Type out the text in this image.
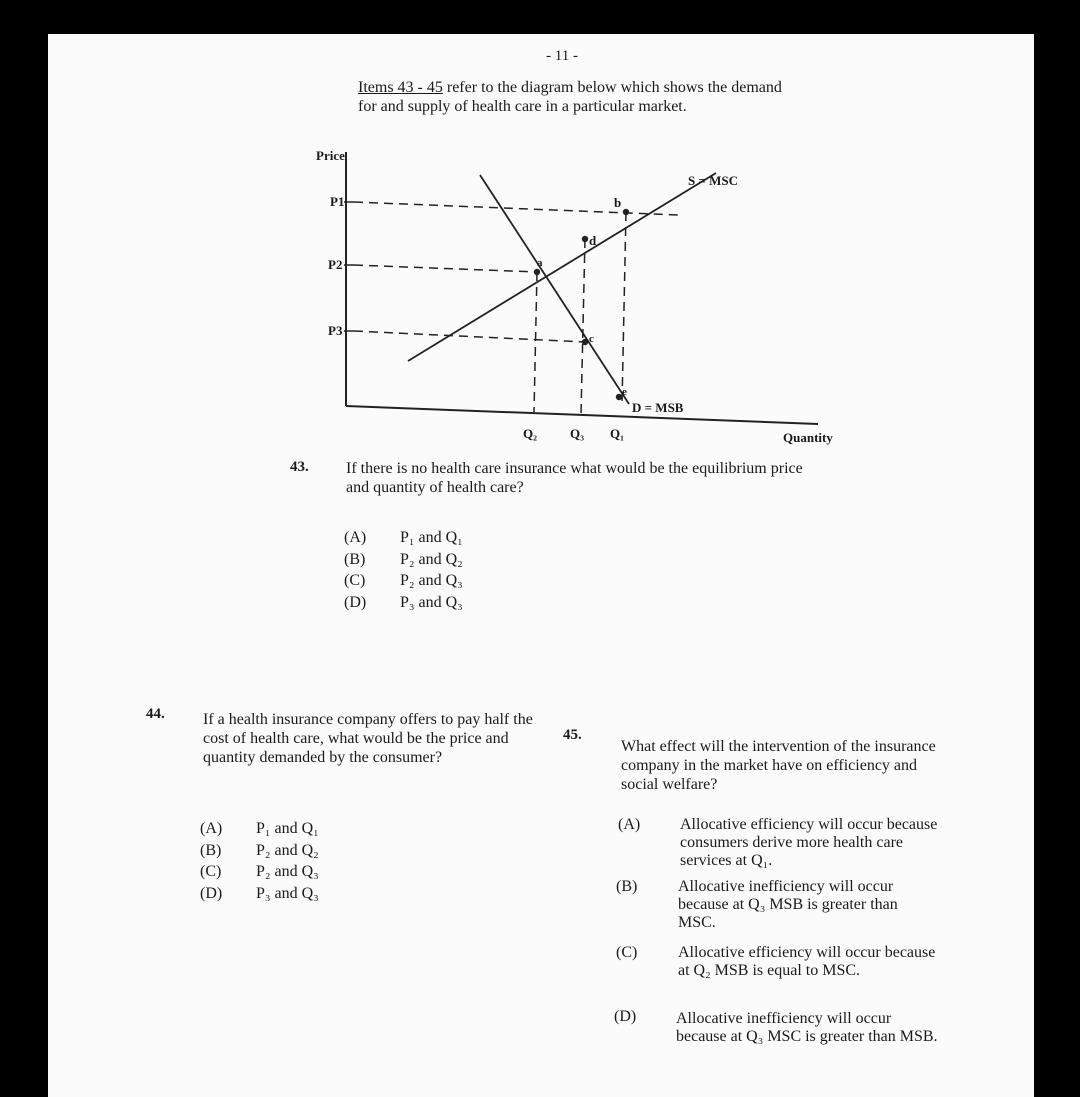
- 11 -
Items 43 - 45 refer to the diagram below which shows the demand
for and supply of health care in a particular market.
Price
Quantity
P1
P2
P3
S = MSC
D = MSB
a
b
c
d
e
Q₂	Q₃ Q₁
43. If there is no health care insurance what would be the equilibrium price and quantity of health care?
(A) P₁ and Q₁
(B) P₂ and Q₂
(C) P₂ and Q₃
(D) P₃ and Q₃
44. If a health insurance company offers to pay half the cost of health care, what would be the price and quantity demanded by the consumer?
(A) P₁ and Q₁
(B) P₂ and Q₂
(C) P₂ and Q₃
(D) P₃ and Q₃
45.
What effect will the intervention of the insurance company in the market have on efficiency and social welfare?
(A) Allocative efficiency will occur because consumers derive more health care services at Q₁.
(B)	Allocative inefficiency will occur because at Q₃ MSB is greater than MSC.
(C)	Allocative efficiency will occur because at Q₂ MSB is equal to MSC.
(D) Allocative inefficiency will occur because at Q₃ MSC is greater than MSB.
